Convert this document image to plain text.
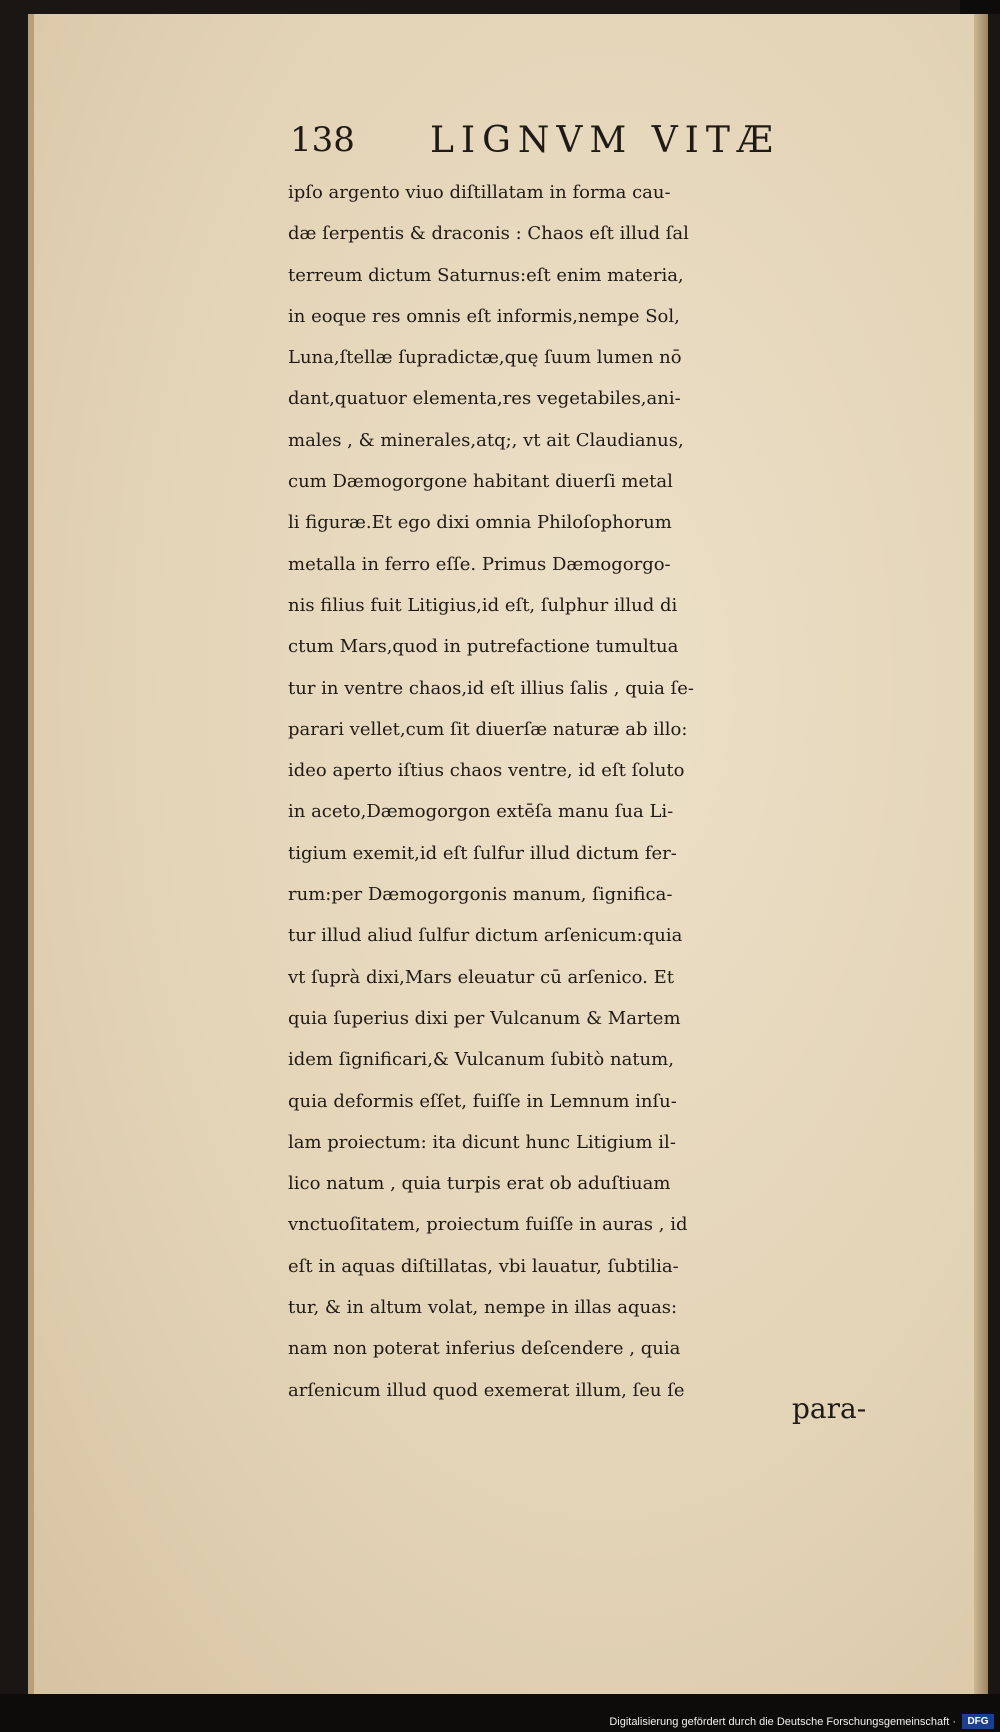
138 LIGNVM VITÆ
ipſo argento viuo diſtillatam in forma cau-
dæ ſerpentis & draconis : Chaos eſt illud ſal
terreum dictum Saturnus:eſt enim materia,
in eoque res omnis eſt informis,nempe Sol,
Luna,ſtellæ ſupradictæ,quę ſuum lumen nō
dant,quatuor elementa,res vegetabiles,ani-
males , & minerales,atq;, vt ait Claudianus,
cum Dæmogorgone habitant diuerſi metal
li figuræ.Et ego dixi omnia Philoſophorum
metalla in ferro eſſe. Primus Dæmogorgo-
nis filius fuit Litigius,id eſt, ſulphur illud di
ctum Mars,quod in putrefactione tumultua
tur in ventre chaos,id eſt illius ſalis , quia ſe-
parari vellet,cum ſit diuerſæ naturæ ab illo:
ideo aperto iſtius chaos ventre, id eſt ſoluto
in aceto,Dæmogorgon extēſa manu ſua Li-
tigium exemit,id eſt ſulfur illud dictum fer-
rum:per Dæmogorgonis manum, ſignifica-
tur illud aliud ſulfur dictum arſenicum:quia
vt ſuprà dixi,Mars eleuatur cū arſenico. Et
quia ſuperius dixi per Vulcanum & Martem
idem ſignificari,& Vulcanum ſubitò natum,
quia deformis eſſet, fuiſſe in Lemnum inſu-
lam proiectum: ita dicunt hunc Litigium il-
lico natum , quia turpis erat ob aduſtiuam
vnctuoſitatem, proiectum fuiſſe in auras , id
eſt in aquas diſtillatas, vbi lauatur, ſubtilia-
tur, & in altum volat, nempe in illas aquas:
nam non poterat inferius deſcendere , quia
arſenicum illud quod exemerat illum, ſeu ſe
para-
Digitalisierung gefördert durch die Deutsche Forschungsgemeinschaft ·	DFG
